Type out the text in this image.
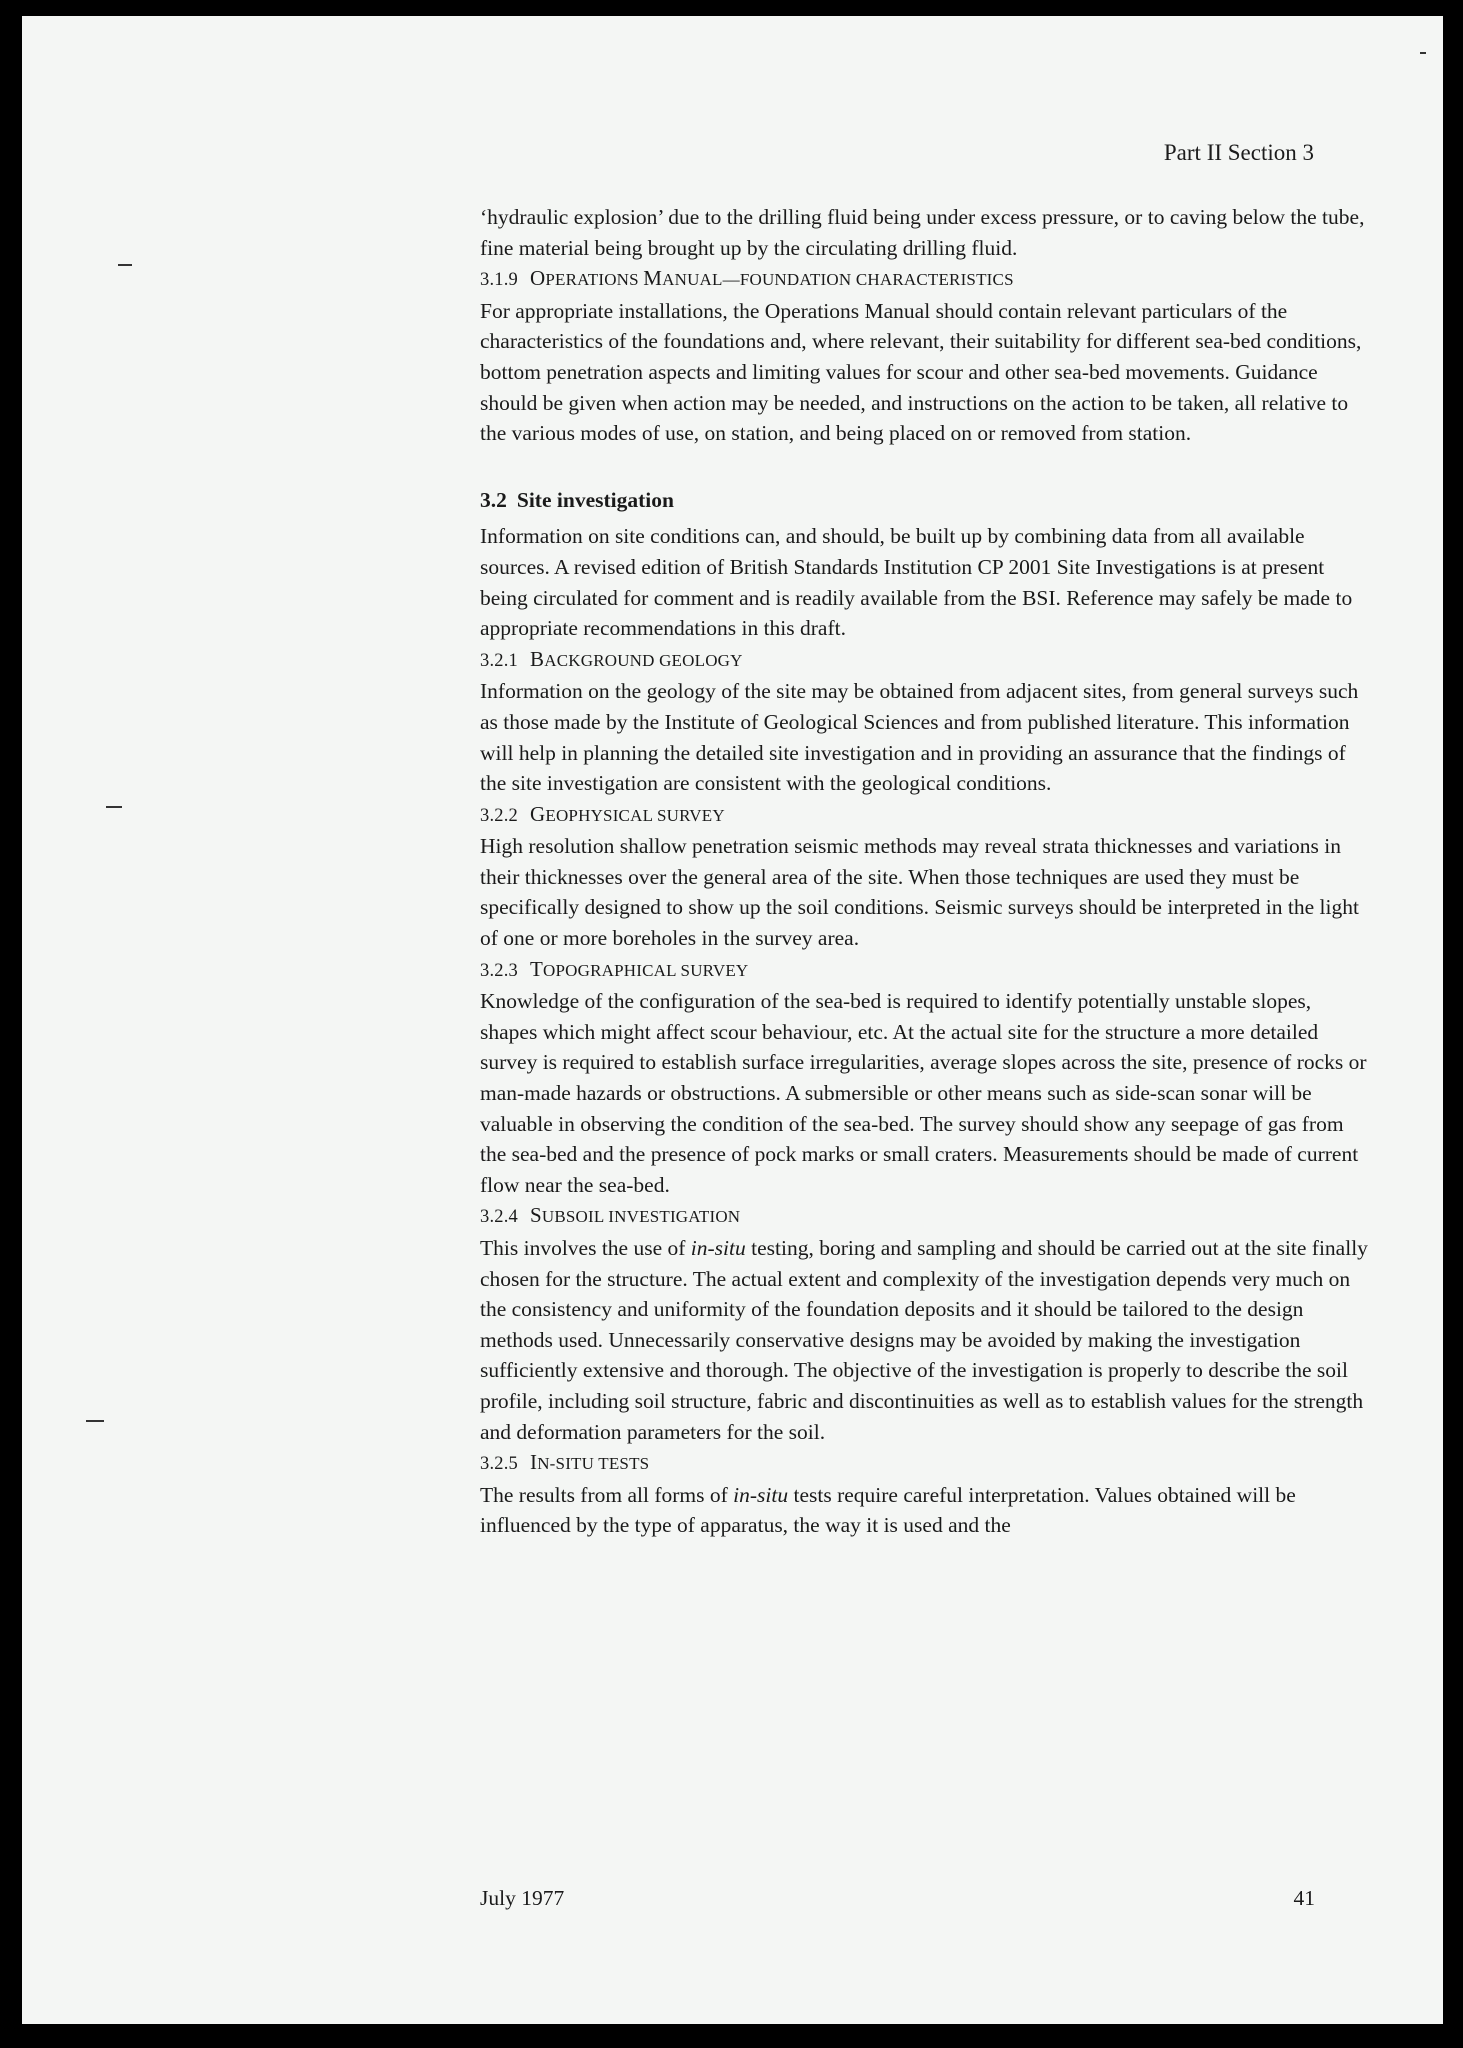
Part II Section 3

‘hydraulic explosion’ due to the drilling fluid being under excess pressure, or to caving below the tube, fine material being brought up by the circulating drilling fluid.

3.1.9 OPERATIONS MANUAL—FOUNDATION CHARACTERISTICS

For appropriate installations, the Operations Manual should contain relevant particulars of the characteristics of the foundations and, where relevant, their suitability for different sea-bed conditions, bottom penetration aspects and limiting values for scour and other sea-bed movements. Guidance should be given when action may be needed, and instructions on the action to be taken, all relative to the various modes of use, on station, and being placed on or removed from station.

3.2 Site investigation

Information on site conditions can, and should, be built up by combining data from all available sources. A revised edition of British Standards Institution CP 2001 Site Investigations is at present being circulated for comment and is readily available from the BSI. Reference may safely be made to appropriate recommendations in this draft.

3.2.1 BACKGROUND GEOLOGY

Information on the geology of the site may be obtained from adjacent sites, from general surveys such as those made by the Institute of Geological Sciences and from published literature. This information will help in planning the detailed site investigation and in providing an assurance that the findings of the site investigation are consistent with the geological conditions.

3.2.2 GEOPHYSICAL SURVEY

High resolution shallow penetration seismic methods may reveal strata thicknesses and variations in their thicknesses over the general area of the site. When those techniques are used they must be specifically designed to show up the soil conditions. Seismic surveys should be interpreted in the light of one or more boreholes in the survey area.

3.2.3 TOPOGRAPHICAL SURVEY

Knowledge of the configuration of the sea-bed is required to identify potentially unstable slopes, shapes which might affect scour behaviour, etc. At the actual site for the structure a more detailed survey is required to establish surface irregularities, average slopes across the site, presence of rocks or man-made hazards or obstructions. A submersible or other means such as side-scan sonar will be valuable in observing the condition of the sea-bed. The survey should show any seepage of gas from the sea-bed and the presence of pock marks or small craters. Measurements should be made of current flow near the sea-bed.

3.2.4 SUBSOIL INVESTIGATION

This involves the use of in-situ testing, boring and sampling and should be carried out at the site finally chosen for the structure. The actual extent and complexity of the investigation depends very much on the consistency and uniformity of the foundation deposits and it should be tailored to the design methods used. Unnecessarily conservative designs may be avoided by making the investigation sufficiently extensive and thorough. The objective of the investigation is properly to describe the soil profile, including soil structure, fabric and discontinuities as well as to establish values for the strength and deformation parameters for the soil.

3.2.5 IN-SITU TESTS

The results from all forms of in-situ tests require careful interpretation. Values obtained will be influenced by the type of apparatus, the way it is used and the

July 1977	41
